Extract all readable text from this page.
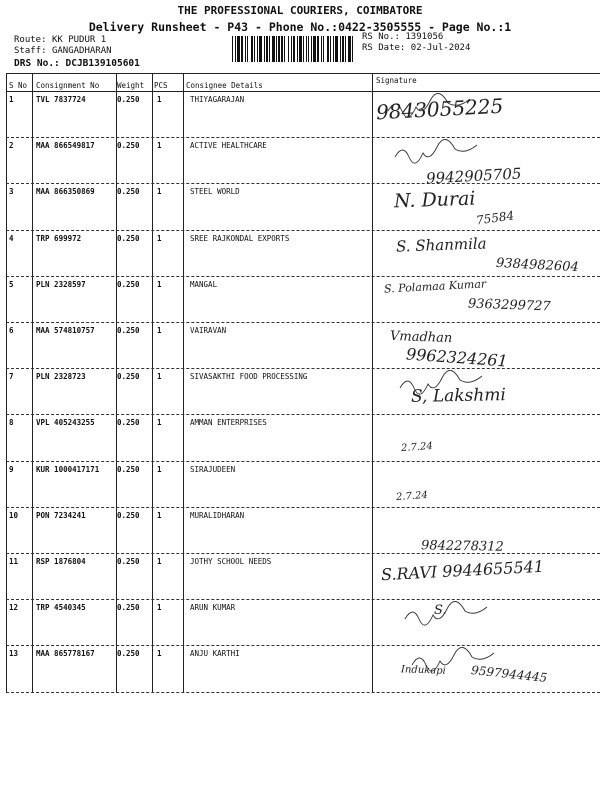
THE PROFESSIONAL COURIERS, COIMBATORE
Delivery Runsheet - P43 - Phone No.:0422-3505555 - Page No.:1
Route: KK PUDUR 1
Staff: GANGADHARAN
DRS No.: DCJB139105601
RS No.: 1391056
RS Date: 02-Jul-2024
S No Consignment No Weight PCS Consignee Details
Signature
1	TVL 7837724	0.250 1	THIYAGARAJAN	9843055225
2	MAA 866549817	0.250 1	ACTIVE HEALTHCARE
9942905705
3	MAA 866350869	0.250 1	STEEL WORLD	N. Durai
75584
4	TRP 699972	0.250 1	SREE RAJKONDAL EXPORTS	S. Shanmila
9384982604
5	PLN 2328597	0.250 1	MANGAL	S. Polamaa Kumar
9363299727
6	MAA 574810757	0.250 1	VAIRAVAN	Vmadhan
9962324261
7	PLN 2328723	0.250 1	SIVASAKTHI FOOD PROCESSING
S, Lakshmi
8	VPL 405243255	0.250 1	AMMAN ENTERPRISES
2.7.24
9	KUR 1000417171 0.250 1	SIRAJUDEEN
2.7.24
10 PON 7234241	0.250 1	MURALIDHARAN
9842278312
11 RSP 1876804	0.250 1	JOTHY SCHOOL NEEDS	S.RAVI 9944655541
12 TRP 4540345	0.250 1	ARUN KUMAR	S.
13 MAA 865778167	0.250 1	ANJU KARTHI
Indukapi 9597944445
